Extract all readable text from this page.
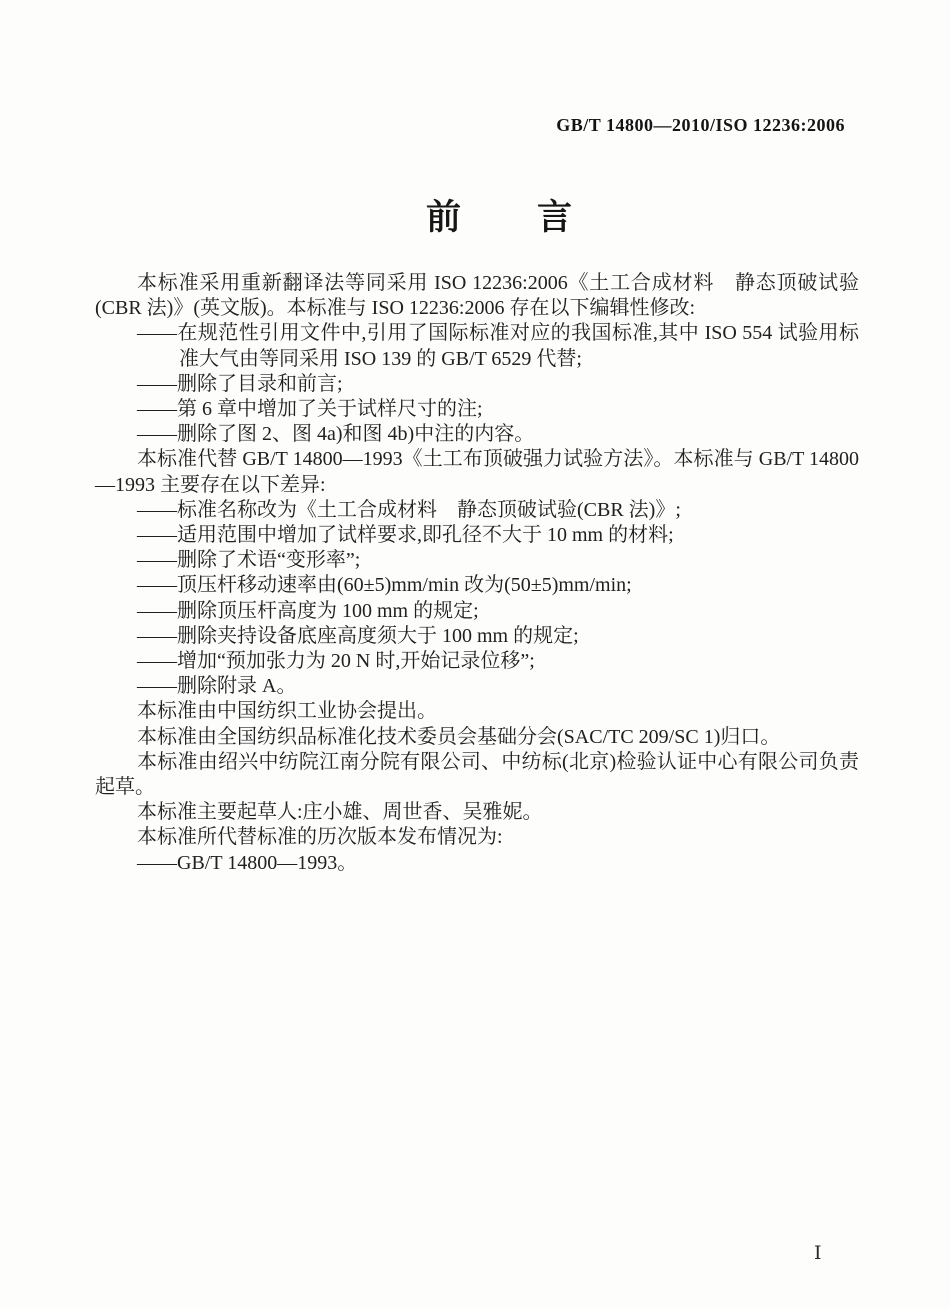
GB/T 14800—2010/ISO 12236:2006
前　　言
本标准采用重新翻译法等同采用 ISO 12236:2006《土工合成材料　静态顶破试验(CBR 法)》(英文版)。本标准与 ISO 12236:2006 存在以下编辑性修改:
——在规范性引用文件中,引用了国际标准对应的我国标准,其中 ISO 554 试验用标准大气由等同采用 ISO 139 的 GB/T 6529 代替;
——删除了目录和前言;
——第 6 章中增加了关于试样尺寸的注;
——删除了图 2、图 4a)和图 4b)中注的内容。
本标准代替 GB/T 14800—1993《土工布顶破强力试验方法》。本标准与 GB/T 14800—1993 主要存在以下差异:
——标准名称改为《土工合成材料　静态顶破试验(CBR 法)》;
——适用范围中增加了试样要求,即孔径不大于 10 mm 的材料;
——删除了术语“变形率”;
——顶压杆移动速率由(60±5)mm/min 改为(50±5)mm/min;
——删除顶压杆高度为 100 mm 的规定;
——删除夹持设备底座高度须大于 100 mm 的规定;
——增加“预加张力为 20 N 时,开始记录位移”;
——删除附录 A。
本标准由中国纺织工业协会提出。
本标准由全国纺织品标准化技术委员会基础分会(SAC/TC 209/SC 1)归口。
本标准由绍兴中纺院江南分院有限公司、中纺标(北京)检验认证中心有限公司负责起草。
本标准主要起草人:庄小雄、周世香、吴雅妮。
本标准所代替标准的历次版本发布情况为:
——GB/T 14800—1993。
Ⅰ
